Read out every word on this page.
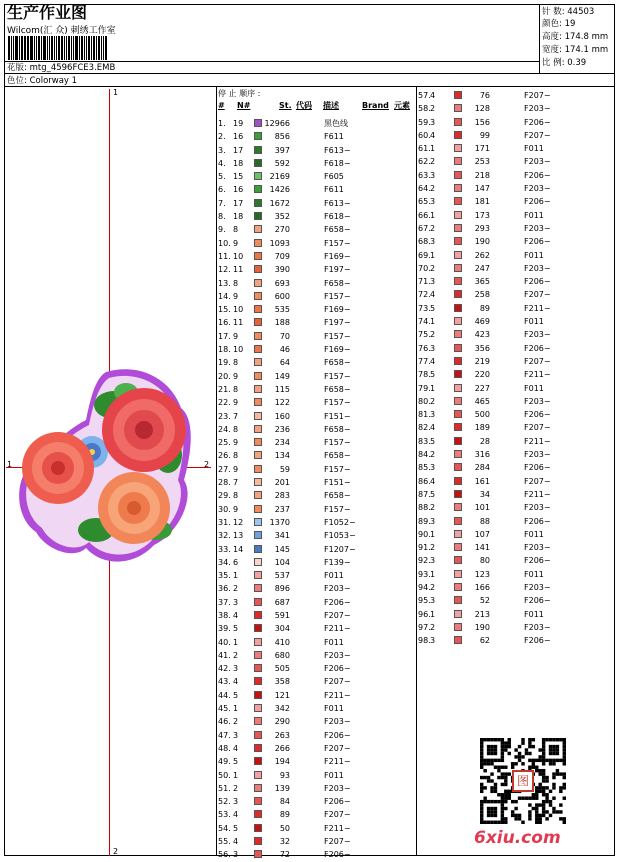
生产作业图
Wilcom(汇 众) 刺绣工作室
花版: mtg_4596FCE3.EMB
色位: Colorway 1
针 数: 44503
颜色: 19
高度: 174.8 mm
宽度: 174.1 mm
比 例: 0.39
1
2
1	2
停 止 顺序 :
# N#	St. 代码 描述	Brand 元素
1. 19	12966	黑色线
2. 16	856	F611
3. 17	397	F613−
4. 18	592	F618−
5. 15	2169	F605
6. 16	1426	F611
7. 17	1672	F613−
8. 18	352	F618−
9. 8	270	F658−
10. 9	1093	F157−
11. 10	709	F169−
12. 11	390	F197−
13. 8	693	F658−
14. 9	600	F157−
15. 10	535	F169−
16. 11	188	F197−
17. 9	70	F157−
18. 10	46	F169−
19. 8	64	F658−
20. 9	149	F157−
21. 8	115	F658−
22. 9	122	F157−
23. 7	160	F151−
24. 8	236	F658−
25. 9	234	F157−
26. 8	134	F658−
27. 9	59	F157−
28. 7	201	F151−
29. 8	283	F658−
30. 9	237	F157−
31. 12	1370	F1052−
32. 13	341	F1053−
33. 14	145	F1207−
34. 6	104	F139−
35. 1	537	F011
36. 2	896	F203−
37. 3	687	F206−
38. 4	591	F207−
39. 5	304	F211−
40. 1	410	F011
41. 2	680	F203−
42. 3	505	F206−
43. 4	358	F207−
44. 5	121	F211−
45. 1	342	F011
46. 2	290	F203−
47. 3	263	F206−
48. 4	266	F207−
49. 5	194	F211−
50. 1	93	F011
51. 2	139	F203−
52. 3	84	F206−
53. 4	89	F207−
54. 5	50	F211−
55. 4	32	F207−
56. 3	72	F206−
57. 4	76	F207−
58. 2	128	F203−
59. 3	156	F206−
60. 4	99	F207−
61. 1	171	F011
62. 2	253	F203−
63. 3	218	F206−
64. 2	147	F203−
65. 3	181	F206−
66. 1	173	F011
67. 2	293	F203−
68. 3	190	F206−
69. 1	262	F011
70. 2	247	F203−
71. 3	365	F206−
72. 4	258	F207−
73. 5	89	F211−
74. 1	469	F011
75. 2	423	F203−
76. 3	356	F206−
77. 4	219	F207−
78. 5	220	F211−
79. 1	227	F011
80. 2	465	F203−
81. 3	500	F206−
82. 4	189	F207−
83. 5	28	F211−
84. 2	316	F203−
85. 3	284	F206−
86. 4	161	F207−
87. 5	34	F211−
88. 2	101	F203−
89. 3	88	F206−
90. 1	107	F011
91. 2	141	F203−
92. 3	80	F206−
93. 1	123	F011
94. 2	166	F203−
95. 3	52	F206−
96. 1	213	F011
97. 2	190	F203−
98. 3	62	F206−
图
6xiu.com
